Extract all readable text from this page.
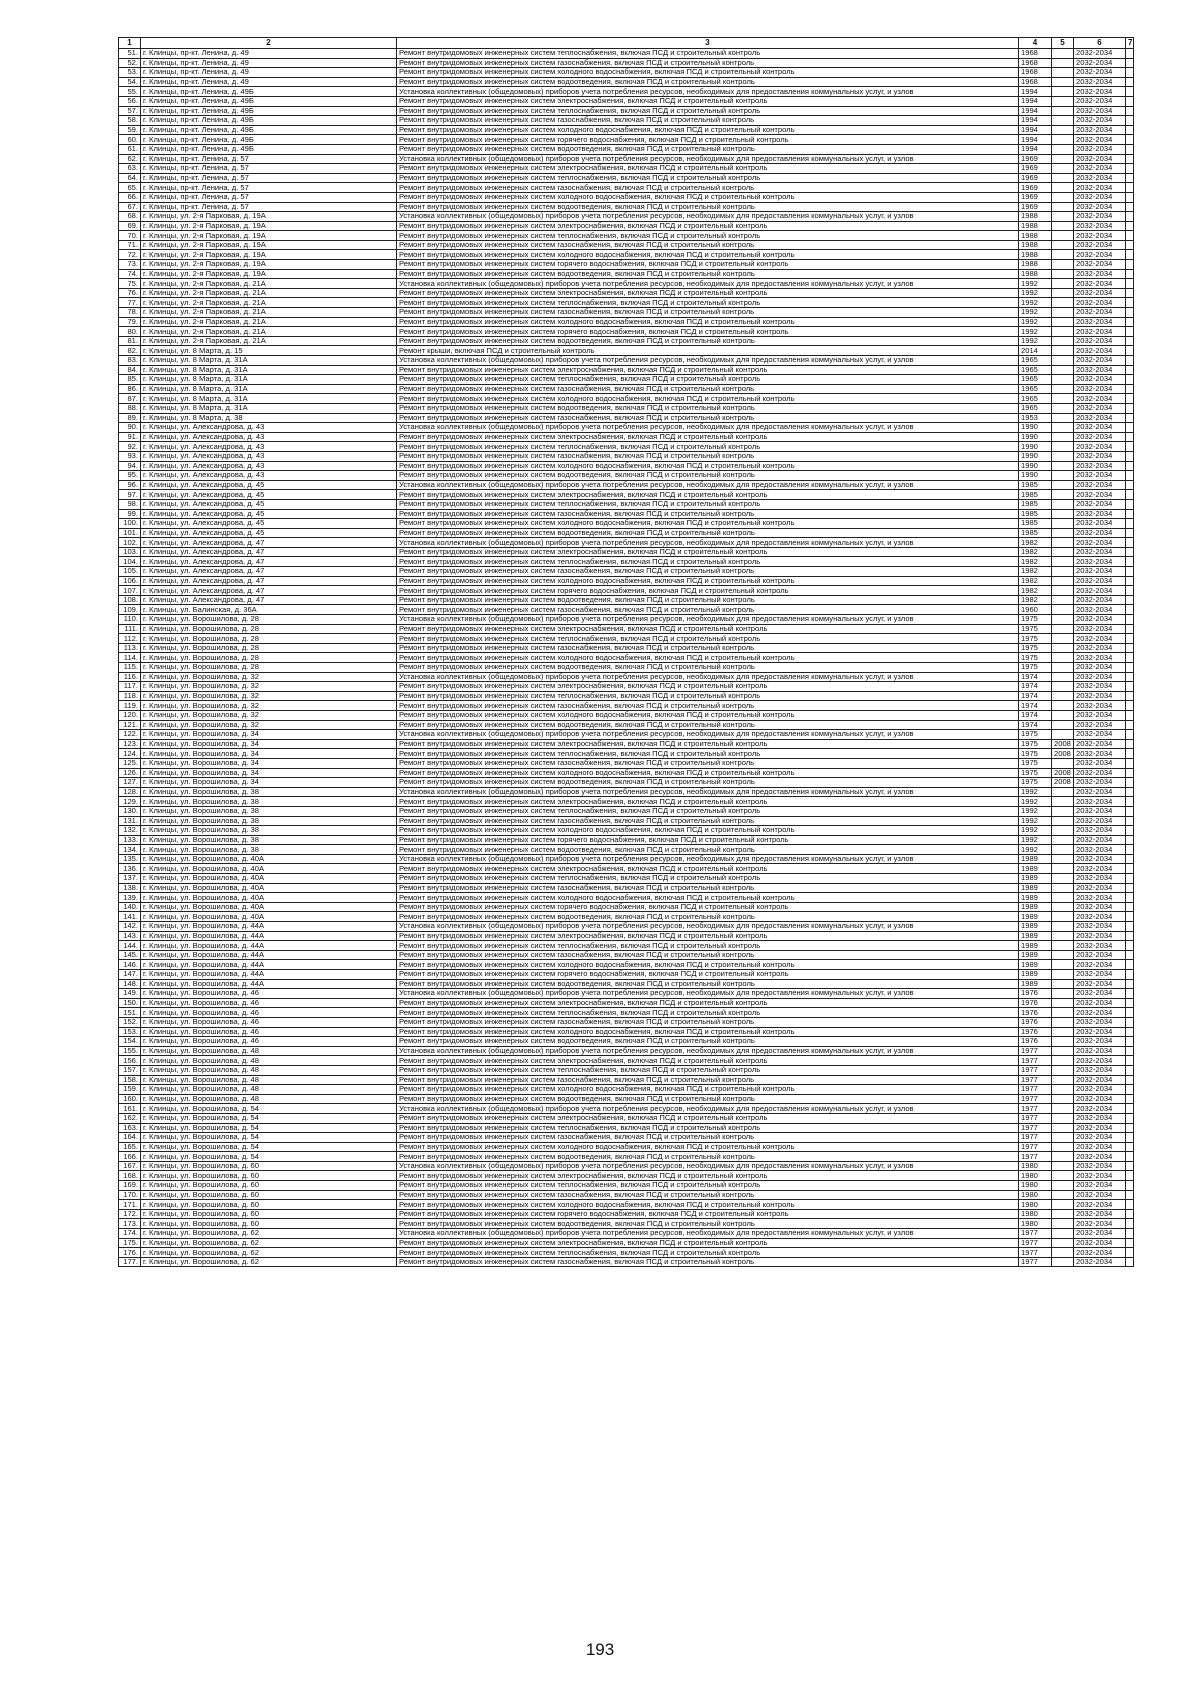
1	2	3	4	5	6	7
51.	г. Клинцы, пр-кт. Ленина, д. 49	Ремонт внутридомовых инженерных систем теплоснабжения, включая ПСД и строительный контроль	1968		2032-2034	
52.	г. Клинцы, пр-кт. Ленина, д. 49	Ремонт внутридомовых инженерных систем газоснабжения, включая ПСД и строительный контроль	1968		2032-2034	
53.	г. Клинцы, пр-кт. Ленина, д. 49	Ремонт внутридомовых инженерных систем холодного водоснабжения, включая ПСД и строительный контроль	1968		2032-2034	
54.	г. Клинцы, пр-кт. Ленина, д. 49	Ремонт внутридомовых инженерных систем водоотведения, включая ПСД и строительный контроль	1968		2032-2034	
55.	г. Клинцы, пр-кт. Ленина, д. 49Б	Установка коллективных (общедомовых) приборов учета потребления ресурсов, необходимых для предоставления коммунальных услуг, и узлов	1994		2032-2034	
56.	г. Клинцы, пр-кт. Ленина, д. 49Б	Ремонт внутридомовых инженерных систем электроснабжения, включая ПСД и строительный контроль	1994		2032-2034	
57.	г. Клинцы, пр-кт. Ленина, д. 49Б	Ремонт внутридомовых инженерных систем теплоснабжения, включая ПСД и строительный контроль	1994		2032-2034	
58.	г. Клинцы, пр-кт. Ленина, д. 49Б	Ремонт внутридомовых инженерных систем газоснабжения, включая ПСД и строительный контроль	1994		2032-2034	
59.	г. Клинцы, пр-кт. Ленина, д. 49Б	Ремонт внутридомовых инженерных систем холодного водоснабжения, включая ПСД и строительный контроль	1994		2032-2034	
60.	г. Клинцы, пр-кт. Ленина, д. 49Б	Ремонт внутридомовых инженерных систем горячего водоснабжения, включая ПСД и строительный контроль	1994		2032-2034	
61.	г. Клинцы, пр-кт. Ленина, д. 49Б	Ремонт внутридомовых инженерных систем водоотведения, включая ПСД и строительный контроль	1994		2032-2034	
62.	г. Клинцы, пр-кт. Ленина, д. 57	Установка коллективных (общедомовых) приборов учета потребления ресурсов, необходимых для предоставления коммунальных услуг, и узлов	1969		2032-2034	
63.	г. Клинцы, пр-кт. Ленина, д. 57	Ремонт внутридомовых инженерных систем электроснабжения, включая ПСД и строительный контроль	1969		2032-2034	
64.	г. Клинцы, пр-кт. Ленина, д. 57	Ремонт внутридомовых инженерных систем теплоснабжения, включая ПСД и строительный контроль	1969		2032-2034	
65.	г. Клинцы, пр-кт. Ленина, д. 57	Ремонт внутридомовых инженерных систем газоснабжения, включая ПСД и строительный контроль	1969		2032-2034	
66.	г. Клинцы, пр-кт. Ленина, д. 57	Ремонт внутридомовых инженерных систем холодного водоснабжения, включая ПСД и строительный контроль	1969		2032-2034	
67.	г. Клинцы, пр-кт. Ленина, д. 57	Ремонт внутридомовых инженерных систем водоотведения, включая ПСД и строительный контроль	1969		2032-2034	
68.	г. Клинцы, ул. 2-я Парковая, д. 19А	Установка коллективных (общедомовых) приборов учета потребления ресурсов, необходимых для предоставления коммунальных услуг, и узлов	1988		2032-2034	
69.	г. Клинцы, ул. 2-я Парковая, д. 19А	Ремонт внутридомовых инженерных систем электроснабжения, включая ПСД и строительный контроль	1988		2032-2034	
70.	г. Клинцы, ул. 2-я Парковая, д. 19А	Ремонт внутридомовых инженерных систем теплоснабжения, включая ПСД и строительный контроль	1988		2032-2034	
71.	г. Клинцы, ул. 2-я Парковая, д. 19А	Ремонт внутридомовых инженерных систем газоснабжения, включая ПСД и строительный контроль	1988		2032-2034	
72.	г. Клинцы, ул. 2-я Парковая, д. 19А	Ремонт внутридомовых инженерных систем холодного водоснабжения, включая ПСД и строительный контроль	1988		2032-2034	
73.	г. Клинцы, ул. 2-я Парковая, д. 19А	Ремонт внутридомовых инженерных систем горячего водоснабжения, включая ПСД и строительный контроль	1988		2032-2034	
74.	г. Клинцы, ул. 2-я Парковая, д. 19А	Ремонт внутридомовых инженерных систем водоотведения, включая ПСД и строительный контроль	1988		2032-2034	
75.	г. Клинцы, ул. 2-я Парковая, д. 21А	Установка коллективных (общедомовых) приборов учета потребления ресурсов, необходимых для предоставления коммунальных услуг, и узлов	1992		2032-2034	
76.	г. Клинцы, ул. 2-я Парковая, д. 21А	Ремонт внутридомовых инженерных систем электроснабжения, включая ПСД и строительный контроль	1992		2032-2034	
77.	г. Клинцы, ул. 2-я Парковая, д. 21А	Ремонт внутридомовых инженерных систем теплоснабжения, включая ПСД и строительный контроль	1992		2032-2034	
78.	г. Клинцы, ул. 2-я Парковая, д. 21А	Ремонт внутридомовых инженерных систем газоснабжения, включая ПСД и строительный контроль	1992		2032-2034	
79.	г. Клинцы, ул. 2-я Парковая, д. 21А	Ремонт внутридомовых инженерных систем холодного водоснабжения, включая ПСД и строительный контроль	1992		2032-2034	
80.	г. Клинцы, ул. 2-я Парковая, д. 21А	Ремонт внутридомовых инженерных систем горячего водоснабжения, включая ПСД и строительный контроль	1992		2032-2034	
81.	г. Клинцы, ул. 2-я Парковая, д. 21А	Ремонт внутридомовых инженерных систем водоотведения, включая ПСД и строительный контроль	1992		2032-2034	
82.	г. Клинцы, ул. 8 Марта, д. 15	Ремонт крыши, включая ПСД и строительный контроль	2014		2032-2034	
83.	г. Клинцы, ул. 8 Марта, д. 31А	Установка коллективных (общедомовых) приборов учета потребления ресурсов, необходимых для предоставления коммунальных услуг, и узлов	1965		2032-2034	
84.	г. Клинцы, ул. 8 Марта, д. 31А	Ремонт внутридомовых инженерных систем электроснабжения, включая ПСД и строительный контроль	1965		2032-2034	
85.	г. Клинцы, ул. 8 Марта, д. 31А	Ремонт внутридомовых инженерных систем теплоснабжения, включая ПСД и строительный контроль	1965		2032-2034	
86.	г. Клинцы, ул. 8 Марта, д. 31А	Ремонт внутридомовых инженерных систем газоснабжения, включая ПСД и строительный контроль	1965		2032-2034	
87.	г. Клинцы, ул. 8 Марта, д. 31А	Ремонт внутридомовых инженерных систем холодного водоснабжения, включая ПСД и строительный контроль	1965		2032-2034	
88.	г. Клинцы, ул. 8 Марта, д. 31А	Ремонт внутридомовых инженерных систем водоотведения, включая ПСД и строительный контроль	1965		2032-2034	
89.	г. Клинцы, ул. 8 Марта, д. 38	Ремонт внутридомовых инженерных систем газоснабжения, включая ПСД и строительный контроль	1953		2032-2034	
90.	г. Клинцы, ул. Александрова, д. 43	Установка коллективных (общедомовых) приборов учета потребления ресурсов, необходимых для предоставления коммунальных услуг, и узлов	1990		2032-2034	
91.	г. Клинцы, ул. Александрова, д. 43	Ремонт внутридомовых инженерных систем электроснабжения, включая ПСД и строительный контроль	1990		2032-2034	
92.	г. Клинцы, ул. Александрова, д. 43	Ремонт внутридомовых инженерных систем теплоснабжения, включая ПСД и строительный контроль	1990		2032-2034	
93.	г. Клинцы, ул. Александрова, д. 43	Ремонт внутридомовых инженерных систем газоснабжения, включая ПСД и строительный контроль	1990		2032-2034	
94.	г. Клинцы, ул. Александрова, д. 43	Ремонт внутридомовых инженерных систем холодного водоснабжения, включая ПСД и строительный контроль	1990		2032-2034	
95.	г. Клинцы, ул. Александрова, д. 43	Ремонт внутридомовых инженерных систем водоотведения, включая ПСД и строительный контроль	1990		2032-2034	
96.	г. Клинцы, ул. Александрова, д. 45	Установка коллективных (общедомовых) приборов учета потребления ресурсов, необходимых для предоставления коммунальных услуг, и узлов	1985		2032-2034	
97.	г. Клинцы, ул. Александрова, д. 45	Ремонт внутридомовых инженерных систем электроснабжения, включая ПСД и строительный контроль	1985		2032-2034	
98.	г. Клинцы, ул. Александрова, д. 45	Ремонт внутридомовых инженерных систем теплоснабжения, включая ПСД и строительный контроль	1985		2032-2034	
99.	г. Клинцы, ул. Александрова, д. 45	Ремонт внутридомовых инженерных систем газоснабжения, включая ПСД и строительный контроль	1985		2032-2034	
100.	г. Клинцы, ул. Александрова, д. 45	Ремонт внутридомовых инженерных систем холодного водоснабжения, включая ПСД и строительный контроль	1985		2032-2034	
101.	г. Клинцы, ул. Александрова, д. 45	Ремонт внутридомовых инженерных систем водоотведения, включая ПСД и строительный контроль	1985		2032-2034	
102.	г. Клинцы, ул. Александрова, д. 47	Установка коллективных (общедомовых) приборов учета потребления ресурсов, необходимых для предоставления коммунальных услуг, и узлов	1982		2032-2034	
103.	г. Клинцы, ул. Александрова, д. 47	Ремонт внутридомовых инженерных систем электроснабжения, включая ПСД и строительный контроль	1982		2032-2034	
104.	г. Клинцы, ул. Александрова, д. 47	Ремонт внутридомовых инженерных систем теплоснабжения, включая ПСД и строительный контроль	1982		2032-2034	
105.	г. Клинцы, ул. Александрова, д. 47	Ремонт внутридомовых инженерных систем газоснабжения, включая ПСД и строительный контроль	1982		2032-2034	
106.	г. Клинцы, ул. Александрова, д. 47	Ремонт внутридомовых инженерных систем холодного водоснабжения, включая ПСД и строительный контроль	1982		2032-2034	
107.	г. Клинцы, ул. Александрова, д. 47	Ремонт внутридомовых инженерных систем горячего водоснабжения, включая ПСД и строительный контроль	1982		2032-2034	
108.	г. Клинцы, ул. Александрова, д. 47	Ремонт внутридомовых инженерных систем водоотведения, включая ПСД и строительный контроль	1982		2032-2034	
109.	г. Клинцы, ул. Балинская, д. 36А	Ремонт внутридомовых инженерных систем газоснабжения, включая ПСД и строительный контроль	1960		2032-2034	
110.	г. Клинцы, ул. Ворошилова, д. 28	Установка коллективных (общедомовых) приборов учета потребления ресурсов, необходимых для предоставления коммунальных услуг, и узлов	1975		2032-2034	
111.	г. Клинцы, ул. Ворошилова, д. 28	Ремонт внутридомовых инженерных систем электроснабжения, включая ПСД и строительный контроль	1975		2032-2034	
112.	г. Клинцы, ул. Ворошилова, д. 28	Ремонт внутридомовых инженерных систем теплоснабжения, включая ПСД и строительный контроль	1975		2032-2034	
113.	г. Клинцы, ул. Ворошилова, д. 28	Ремонт внутридомовых инженерных систем газоснабжения, включая ПСД и строительный контроль	1975		2032-2034	
114.	г. Клинцы, ул. Ворошилова, д. 28	Ремонт внутридомовых инженерных систем холодного водоснабжения, включая ПСД и строительный контроль	1975		2032-2034	
115.	г. Клинцы, ул. Ворошилова, д. 28	Ремонт внутридомовых инженерных систем водоотведения, включая ПСД и строительный контроль	1975		2032-2034	
116.	г. Клинцы, ул. Ворошилова, д. 32	Установка коллективных (общедомовых) приборов учета потребления ресурсов, необходимых для предоставления коммунальных услуг, и узлов	1974		2032-2034	
117.	г. Клинцы, ул. Ворошилова, д. 32	Ремонт внутридомовых инженерных систем электроснабжения, включая ПСД и строительный контроль	1974		2032-2034	
118.	г. Клинцы, ул. Ворошилова, д. 32	Ремонт внутридомовых инженерных систем теплоснабжения, включая ПСД и строительный контроль	1974		2032-2034	
119.	г. Клинцы, ул. Ворошилова, д. 32	Ремонт внутридомовых инженерных систем газоснабжения, включая ПСД и строительный контроль	1974		2032-2034	
120.	г. Клинцы, ул. Ворошилова, д. 32	Ремонт внутридомовых инженерных систем холодного водоснабжения, включая ПСД и строительный контроль	1974		2032-2034	
121.	г. Клинцы, ул. Ворошилова, д. 32	Ремонт внутридомовых инженерных систем водоотведения, включая ПСД и строительный контроль	1974		2032-2034	
122.	г. Клинцы, ул. Ворошилова, д. 34	Установка коллективных (общедомовых) приборов учета потребления ресурсов, необходимых для предоставления коммунальных услуг, и узлов	1975		2032-2034	
123.	г. Клинцы, ул. Ворошилова, д. 34	Ремонт внутридомовых инженерных систем электроснабжения, включая ПСД и строительный контроль	1975	2008	2032-2034	
124.	г. Клинцы, ул. Ворошилова, д. 34	Ремонт внутридомовых инженерных систем теплоснабжения, включая ПСД и строительный контроль	1975	2008	2032-2034	
125.	г. Клинцы, ул. Ворошилова, д. 34	Ремонт внутридомовых инженерных систем газоснабжения, включая ПСД и строительный контроль	1975		2032-2034	
126.	г. Клинцы, ул. Ворошилова, д. 34	Ремонт внутридомовых инженерных систем холодного водоснабжения, включая ПСД и строительный контроль	1975	2008	2032-2034	
127.	г. Клинцы, ул. Ворошилова, д. 34	Ремонт внутридомовых инженерных систем водоотведения, включая ПСД и строительный контроль	1975	2008	2032-2034	
128.	г. Клинцы, ул. Ворошилова, д. 38	Установка коллективных (общедомовых) приборов учета потребления ресурсов, необходимых для предоставления коммунальных услуг, и узлов	1992		2032-2034	
129.	г. Клинцы, ул. Ворошилова, д. 38	Ремонт внутридомовых инженерных систем электроснабжения, включая ПСД и строительный контроль	1992		2032-2034	
130.	г. Клинцы, ул. Ворошилова, д. 38	Ремонт внутридомовых инженерных систем теплоснабжения, включая ПСД и строительный контроль	1992		2032-2034	
131.	г. Клинцы, ул. Ворошилова, д. 38	Ремонт внутридомовых инженерных систем газоснабжения, включая ПСД и строительный контроль	1992		2032-2034	
132.	г. Клинцы, ул. Ворошилова, д. 38	Ремонт внутридомовых инженерных систем холодного водоснабжения, включая ПСД и строительный контроль	1992		2032-2034	
133.	г. Клинцы, ул. Ворошилова, д. 38	Ремонт внутридомовых инженерных систем горячего водоснабжения, включая ПСД и строительный контроль	1992		2032-2034	
134.	г. Клинцы, ул. Ворошилова, д. 38	Ремонт внутридомовых инженерных систем водоотведения, включая ПСД и строительный контроль	1992		2032-2034	
135.	г. Клинцы, ул. Ворошилова, д. 40А	Установка коллективных (общедомовых) приборов учета потребления ресурсов, необходимых для предоставления коммунальных услуг, и узлов	1989		2032-2034	
136.	г. Клинцы, ул. Ворошилова, д. 40А	Ремонт внутридомовых инженерных систем электроснабжения, включая ПСД и строительный контроль	1989		2032-2034	
137.	г. Клинцы, ул. Ворошилова, д. 40А	Ремонт внутридомовых инженерных систем теплоснабжения, включая ПСД и строительный контроль	1989		2032-2034	
138.	г. Клинцы, ул. Ворошилова, д. 40А	Ремонт внутридомовых инженерных систем газоснабжения, включая ПСД и строительный контроль	1989		2032-2034	
139.	г. Клинцы, ул. Ворошилова, д. 40А	Ремонт внутридомовых инженерных систем холодного водоснабжения, включая ПСД и строительный контроль	1989		2032-2034	
140.	г. Клинцы, ул. Ворошилова, д. 40А	Ремонт внутридомовых инженерных систем горячего водоснабжения, включая ПСД и строительный контроль	1989		2032-2034	
141.	г. Клинцы, ул. Ворошилова, д. 40А	Ремонт внутридомовых инженерных систем водоотведения, включая ПСД и строительный контроль	1989		2032-2034	
142.	г. Клинцы, ул. Ворошилова, д. 44А	Установка коллективных (общедомовых) приборов учета потребления ресурсов, необходимых для предоставления коммунальных услуг, и узлов	1989		2032-2034	
143.	г. Клинцы, ул. Ворошилова, д. 44А	Ремонт внутридомовых инженерных систем электроснабжения, включая ПСД и строительный контроль	1989		2032-2034	
144.	г. Клинцы, ул. Ворошилова, д. 44А	Ремонт внутридомовых инженерных систем теплоснабжения, включая ПСД и строительный контроль	1989		2032-2034	
145.	г. Клинцы, ул. Ворошилова, д. 44А	Ремонт внутридомовых инженерных систем газоснабжения, включая ПСД и строительный контроль	1989		2032-2034	
146.	г. Клинцы, ул. Ворошилова, д. 44А	Ремонт внутридомовых инженерных систем холодного водоснабжения, включая ПСД и строительный контроль	1989		2032-2034	
147.	г. Клинцы, ул. Ворошилова, д. 44А	Ремонт внутридомовых инженерных систем горячего водоснабжения, включая ПСД и строительный контроль	1989		2032-2034	
148.	г. Клинцы, ул. Ворошилова, д. 44А	Ремонт внутридомовых инженерных систем водоотведения, включая ПСД и строительный контроль	1989		2032-2034	
149.	г. Клинцы, ул. Ворошилова, д. 46	Установка коллективных (общедомовых) приборов учета потребления ресурсов, необходимых для предоставления коммунальных услуг, и узлов	1976		2032-2034	
150.	г. Клинцы, ул. Ворошилова, д. 46	Ремонт внутридомовых инженерных систем электроснабжения, включая ПСД и строительный контроль	1976		2032-2034	
151.	г. Клинцы, ул. Ворошилова, д. 46	Ремонт внутридомовых инженерных систем теплоснабжения, включая ПСД и строительный контроль	1976		2032-2034	
152.	г. Клинцы, ул. Ворошилова, д. 46	Ремонт внутридомовых инженерных систем газоснабжения, включая ПСД и строительный контроль	1976		2032-2034	
153.	г. Клинцы, ул. Ворошилова, д. 46	Ремонт внутридомовых инженерных систем холодного водоснабжения, включая ПСД и строительный контроль	1976		2032-2034	
154.	г. Клинцы, ул. Ворошилова, д. 46	Ремонт внутридомовых инженерных систем водоотведения, включая ПСД и строительный контроль	1976		2032-2034	
155.	г. Клинцы, ул. Ворошилова, д. 48	Установка коллективных (общедомовых) приборов учета потребления ресурсов, необходимых для предоставления коммунальных услуг, и узлов	1977		2032-2034	
156.	г. Клинцы, ул. Ворошилова, д. 48	Ремонт внутридомовых инженерных систем электроснабжения, включая ПСД и строительный контроль	1977		2032-2034	
157.	г. Клинцы, ул. Ворошилова, д. 48	Ремонт внутридомовых инженерных систем теплоснабжения, включая ПСД и строительный контроль	1977		2032-2034	
158.	г. Клинцы, ул. Ворошилова, д. 48	Ремонт внутридомовых инженерных систем газоснабжения, включая ПСД и строительный контроль	1977		2032-2034	
159.	г. Клинцы, ул. Ворошилова, д. 48	Ремонт внутридомовых инженерных систем холодного водоснабжения, включая ПСД и строительный контроль	1977		2032-2034	
160.	г. Клинцы, ул. Ворошилова, д. 48	Ремонт внутридомовых инженерных систем водоотведения, включая ПСД и строительный контроль	1977		2032-2034	
161.	г. Клинцы, ул. Ворошилова, д. 54	Установка коллективных (общедомовых) приборов учета потребления ресурсов, необходимых для предоставления коммунальных услуг, и узлов	1977		2032-2034	
162.	г. Клинцы, ул. Ворошилова, д. 54	Ремонт внутридомовых инженерных систем электроснабжения, включая ПСД и строительный контроль	1977		2032-2034	
163.	г. Клинцы, ул. Ворошилова, д. 54	Ремонт внутридомовых инженерных систем теплоснабжения, включая ПСД и строительный контроль	1977		2032-2034	
164.	г. Клинцы, ул. Ворошилова, д. 54	Ремонт внутридомовых инженерных систем газоснабжения, включая ПСД и строительный контроль	1977		2032-2034	
165.	г. Клинцы, ул. Ворошилова, д. 54	Ремонт внутридомовых инженерных систем холодного водоснабжения, включая ПСД и строительный контроль	1977		2032-2034	
166.	г. Клинцы, ул. Ворошилова, д. 54	Ремонт внутридомовых инженерных систем водоотведения, включая ПСД и строительный контроль	1977		2032-2034	
167.	г. Клинцы, ул. Ворошилова, д. 60	Установка коллективных (общедомовых) приборов учета потребления ресурсов, необходимых для предоставления коммунальных услуг, и узлов	1980		2032-2034	
168.	г. Клинцы, ул. Ворошилова, д. 60	Ремонт внутридомовых инженерных систем электроснабжения, включая ПСД и строительный контроль	1980		2032-2034	
169.	г. Клинцы, ул. Ворошилова, д. 60	Ремонт внутридомовых инженерных систем теплоснабжения, включая ПСД и строительный контроль	1980		2032-2034	
170.	г. Клинцы, ул. Ворошилова, д. 60	Ремонт внутридомовых инженерных систем газоснабжения, включая ПСД и строительный контроль	1980		2032-2034	
171.	г. Клинцы, ул. Ворошилова, д. 60	Ремонт внутридомовых инженерных систем холодного водоснабжения, включая ПСД и строительный контроль	1980		2032-2034	
172.	г. Клинцы, ул. Ворошилова, д. 60	Ремонт внутридомовых инженерных систем горячего водоснабжения, включая ПСД и строительный контроль	1980		2032-2034	
173.	г. Клинцы, ул. Ворошилова, д. 60	Ремонт внутридомовых инженерных систем водоотведения, включая ПСД и строительный контроль	1980		2032-2034	
174.	г. Клинцы, ул. Ворошилова, д. 62	Установка коллективных (общедомовых) приборов учета потребления ресурсов, необходимых для предоставления коммунальных услуг, и узлов	1977		2032-2034	
175.	г. Клинцы, ул. Ворошилова, д. 62	Ремонт внутридомовых инженерных систем электроснабжения, включая ПСД и строительный контроль	1977		2032-2034	
176.	г. Клинцы, ул. Ворошилова, д. 62	Ремонт внутридомовых инженерных систем теплоснабжения, включая ПСД и строительный контроль	1977		2032-2034	
177.	г. Клинцы, ул. Ворошилова, д. 62	Ремонт внутридомовых инженерных систем газоснабжения, включая ПСД и строительный контроль	1977		2032-2034	
193
